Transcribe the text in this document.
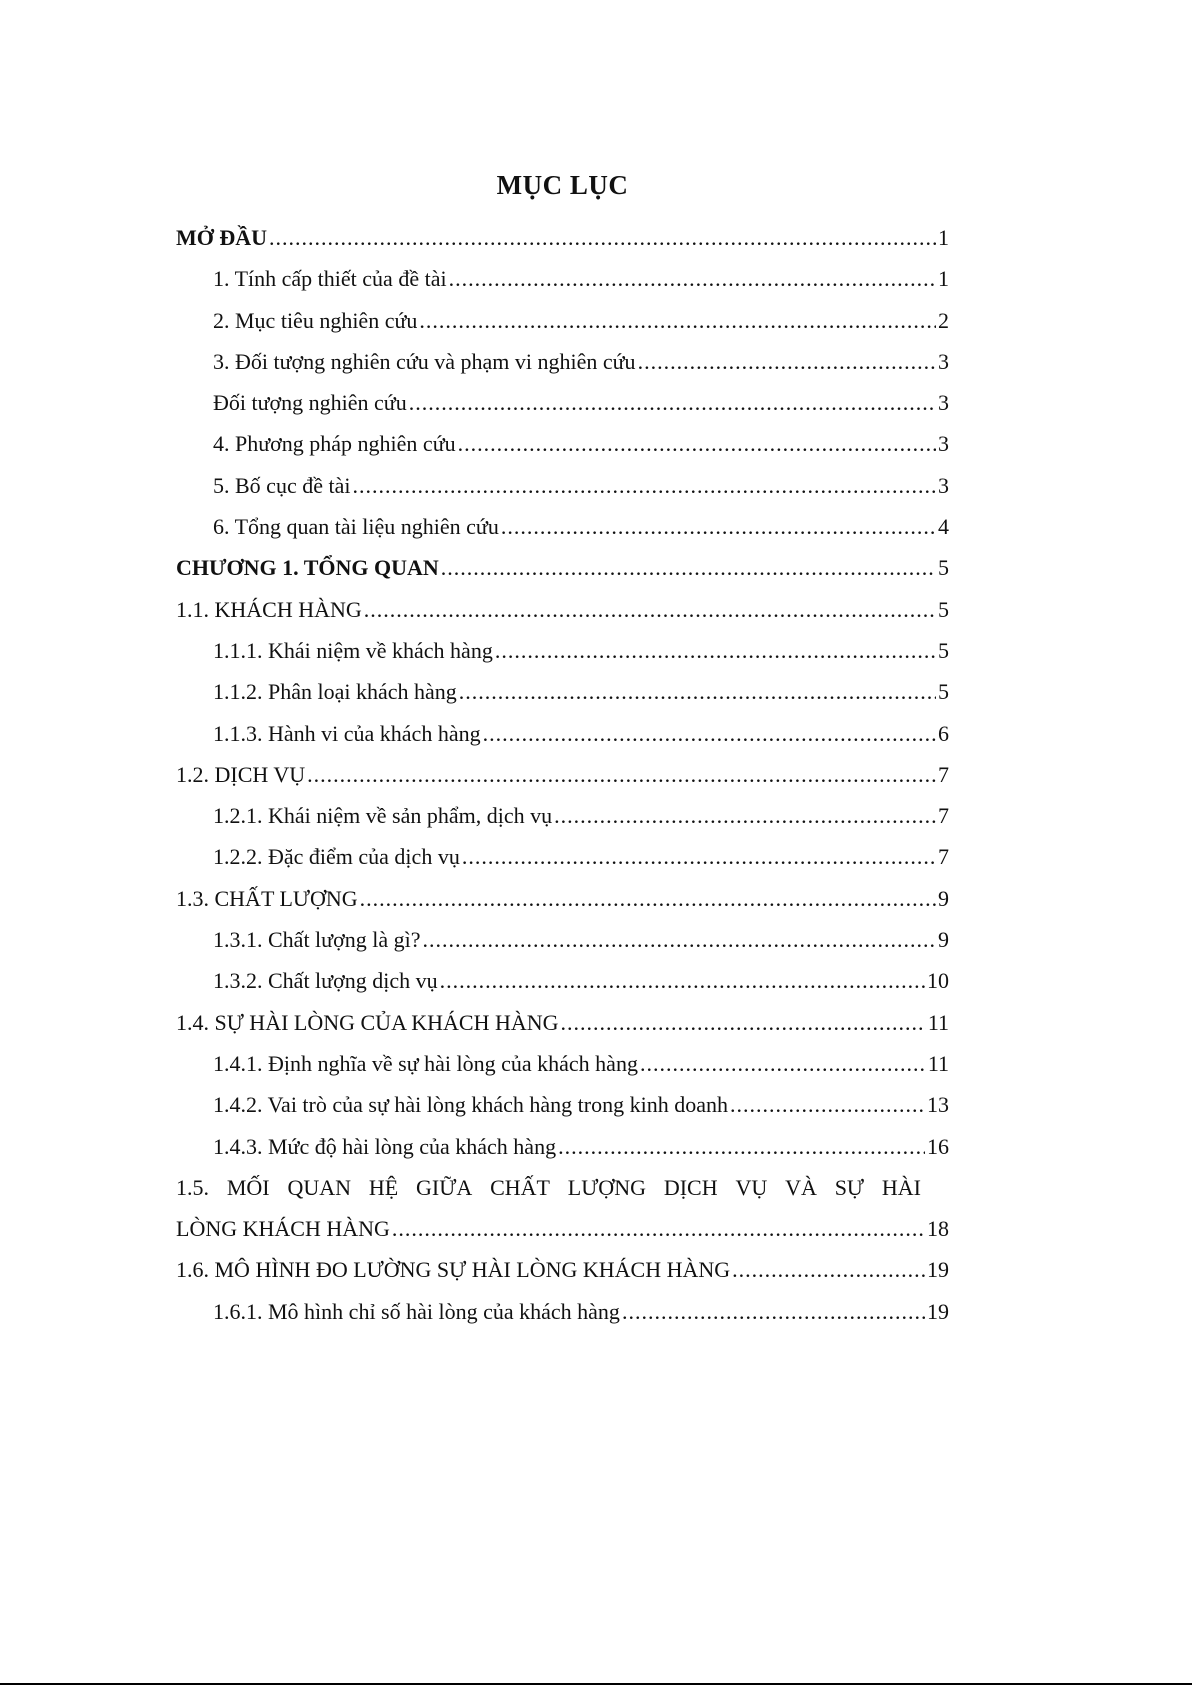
MỤC LỤC
MỞ ĐẦU .....	1
1. Tính cấp thiết của đề tài .....	1
2. Mục tiêu nghiên cứu .....	2
3. Đối tượng nghiên cứu và phạm vi nghiên cứu .....	3
Đối tượng nghiên cứu .....	3
4. Phương pháp nghiên cứu .....	3
5. Bố cục đề tài .....	3
6. Tổng quan tài liệu nghiên cứu .....	4
CHƯƠNG 1. TỔNG QUAN .....	5
1.1. KHÁCH HÀNG .....	5
1.1.1. Khái niệm về khách hàng .....	5
1.1.2. Phân loại khách hàng .....	5
1.1.3. Hành vi của khách hàng .....	6
1.2. DỊCH VỤ .....	7
1.2.1. Khái niệm về sản phẩm, dịch vụ .....	7
1.2.2. Đặc điểm của dịch vụ .....	7
1.3. CHẤT LƯỢNG .....	9
1.3.1. Chất lượng là gì? .....	9
1.3.2. Chất lượng dịch vụ .....	10
1.4. SỰ HÀI LÒNG CỦA KHÁCH HÀNG .....	11
1.4.1. Định nghĩa về sự hài lòng của khách hàng .....	11
1.4.2. Vai trò của sự hài lòng khách hàng trong kinh doanh .....	13
1.4.3. Mức độ hài lòng của khách hàng .....	16
1.5. MỐI QUAN HỆ GIỮA CHẤT LƯỢNG DỊCH VỤ VÀ SỰ HÀI
LÒNG KHÁCH HÀNG .....	18
1.6. MÔ HÌNH ĐO LƯỜNG SỰ HÀI LÒNG KHÁCH HÀNG .....	19
1.6.1. Mô hình chỉ số hài lòng của khách hàng .....	19
